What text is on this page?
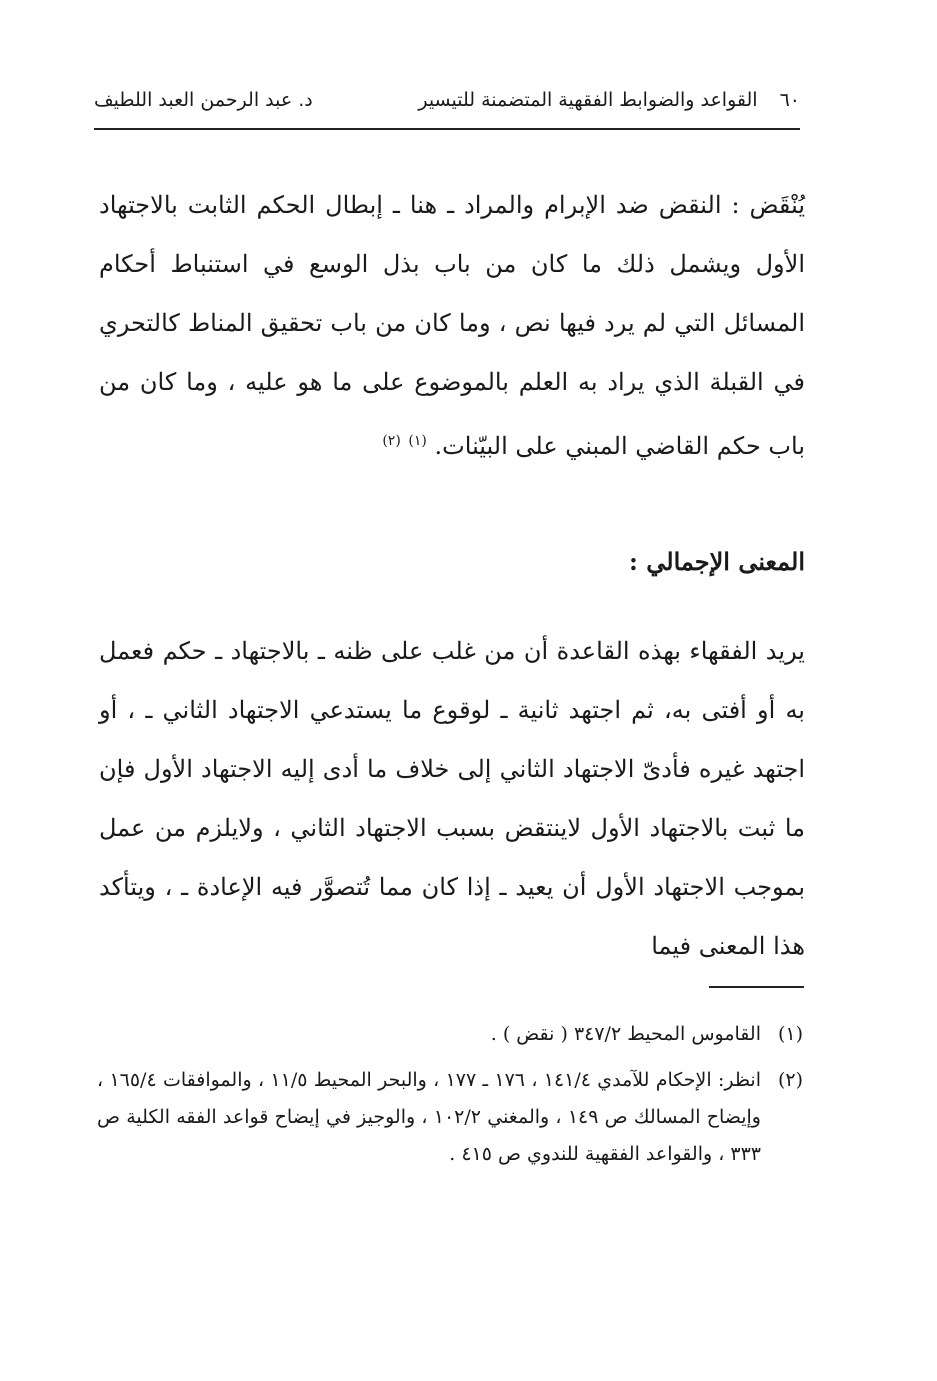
٦٠
القواعد والضوابط الفقهية المتضمنة للتيسير
د. عبد الرحمن العبد اللطيف

يُنْقَض : النقض ضد الإبرام والمراد ـ هنا ـ إبطال الحكم الثابت بالاجتهاد الأول ويشمل ذلك ما كان من باب بذل الوسع في استنباط أحكام المسائل التي لم يرد فيها نص ، وما كان من باب تحقيق المناط كالتحري في القبلة الذي يراد به العلم بالموضوع على ما هو عليه ، وما كان من باب حكم القاضي المبني على البيّنات. $^{(١)}$ $^{(٢)}$

المعنى الإجمالي :

يريد الفقهاء بهذه القاعدة أن من غلب على ظنه ـ بالاجتهاد ـ حكم فعمل به أو أفتى به، ثم اجتهد ثانية ـ لوقوع ما يستدعي الاجتهاد الثاني ـ ، أو اجتهد غيره فأدىّ الاجتهاد الثاني إلى خلاف ما أدى إليه الاجتهاد الأول فإن ما ثبت بالاجتهاد الأول لاينتقض بسبب الاجتهاد الثاني ، ولايلزم من عمل بموجب الاجتهاد الأول أن يعيد ـ إذا كان مما تُتصوَّر فيه الإعادة ـ ، ويتأكد هذا المعنى فيما

(١)
القاموس المحيط ٣٤٧/٢ ( نقض ) .
(٢)
انظر: الإحكام للآمدي ١٤١/٤ ، ١٧٦ ـ ١٧٧ ، والبحر المحيط ١١/٥ ، والموافقات ١٦٥/٤ ، وإيضاح المسالك ص ١٤٩ ، والمغني ١٠٢/٢ ، والوجيز في إيضاح قواعد الفقه الكلية ص ٣٣٣ ، والقواعد الفقهية للندوي ص ٤١٥ .
